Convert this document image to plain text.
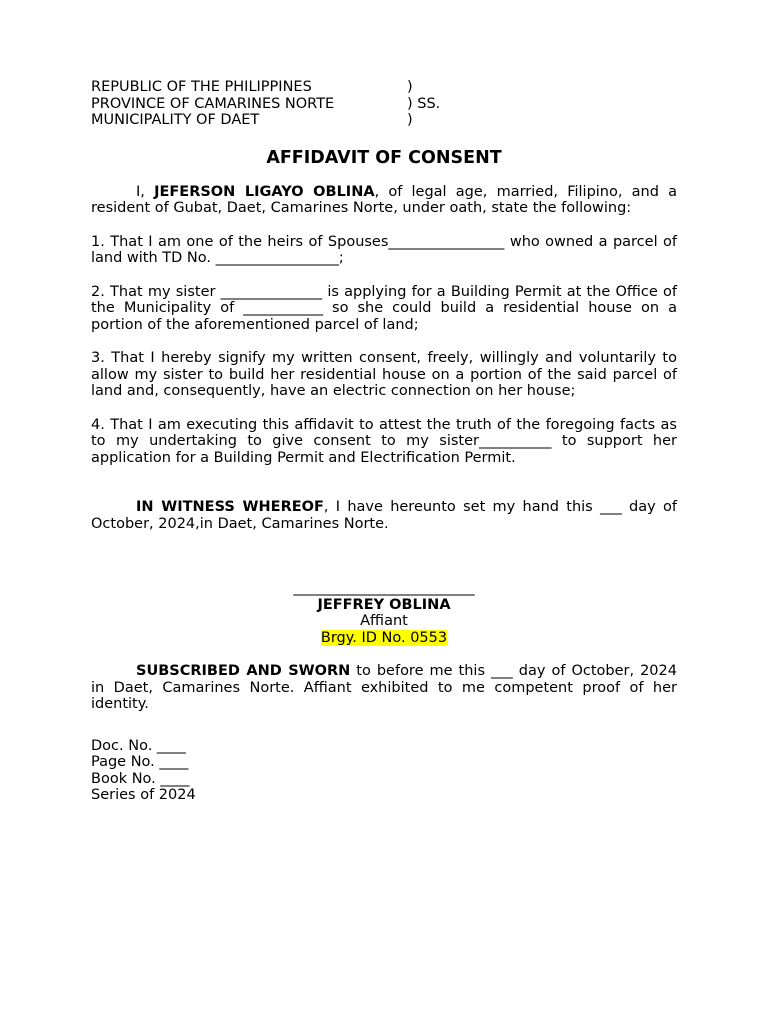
REPUBLIC OF THE PHILIPPINES	)
PROVINCE OF CAMARINES NORTE	) SS.
MUNICIPALITY OF DAET	)
AFFIDAVIT OF CONSENT

I, JEFERSON LIGAYO OBLINA, of legal age, married, Filipino, and a resident of Gubat, Daet, Camarines Norte, under oath, state the following:

1. That I am one of the heirs of Spouses________________ who owned a parcel of land with TD No. _________________;

2. That my sister ______________ is applying for a Building Permit at the Office of the Municipality of ___________ so she could build a residential house on a portion of the aforementioned parcel of land;

3. That I hereby signify my written consent, freely, willingly and voluntarily to allow my sister to build her residential house on a portion of the said parcel of land and, consequently, have an electric connection on her house;

4. That I am executing this affidavit to attest the truth of the foregoing facts as to my undertaking to give consent to my sister__________ to support her application for a Building Permit and Electrification Permit.

IN WITNESS WHEREOF, I have hereunto set my hand this ___ day of October, 2024,in Daet, Camarines Norte.

_________________________
JEFFREY OBLINA
Affiant
Brgy. ID No. 0553

SUBSCRIBED AND SWORN to before me this ___ day of October, 2024 in Daet, Camarines Norte. Affiant exhibited to me competent proof of her identity.

Doc. No. ____
Page No. ____
Book No. ____
Series of 2024
